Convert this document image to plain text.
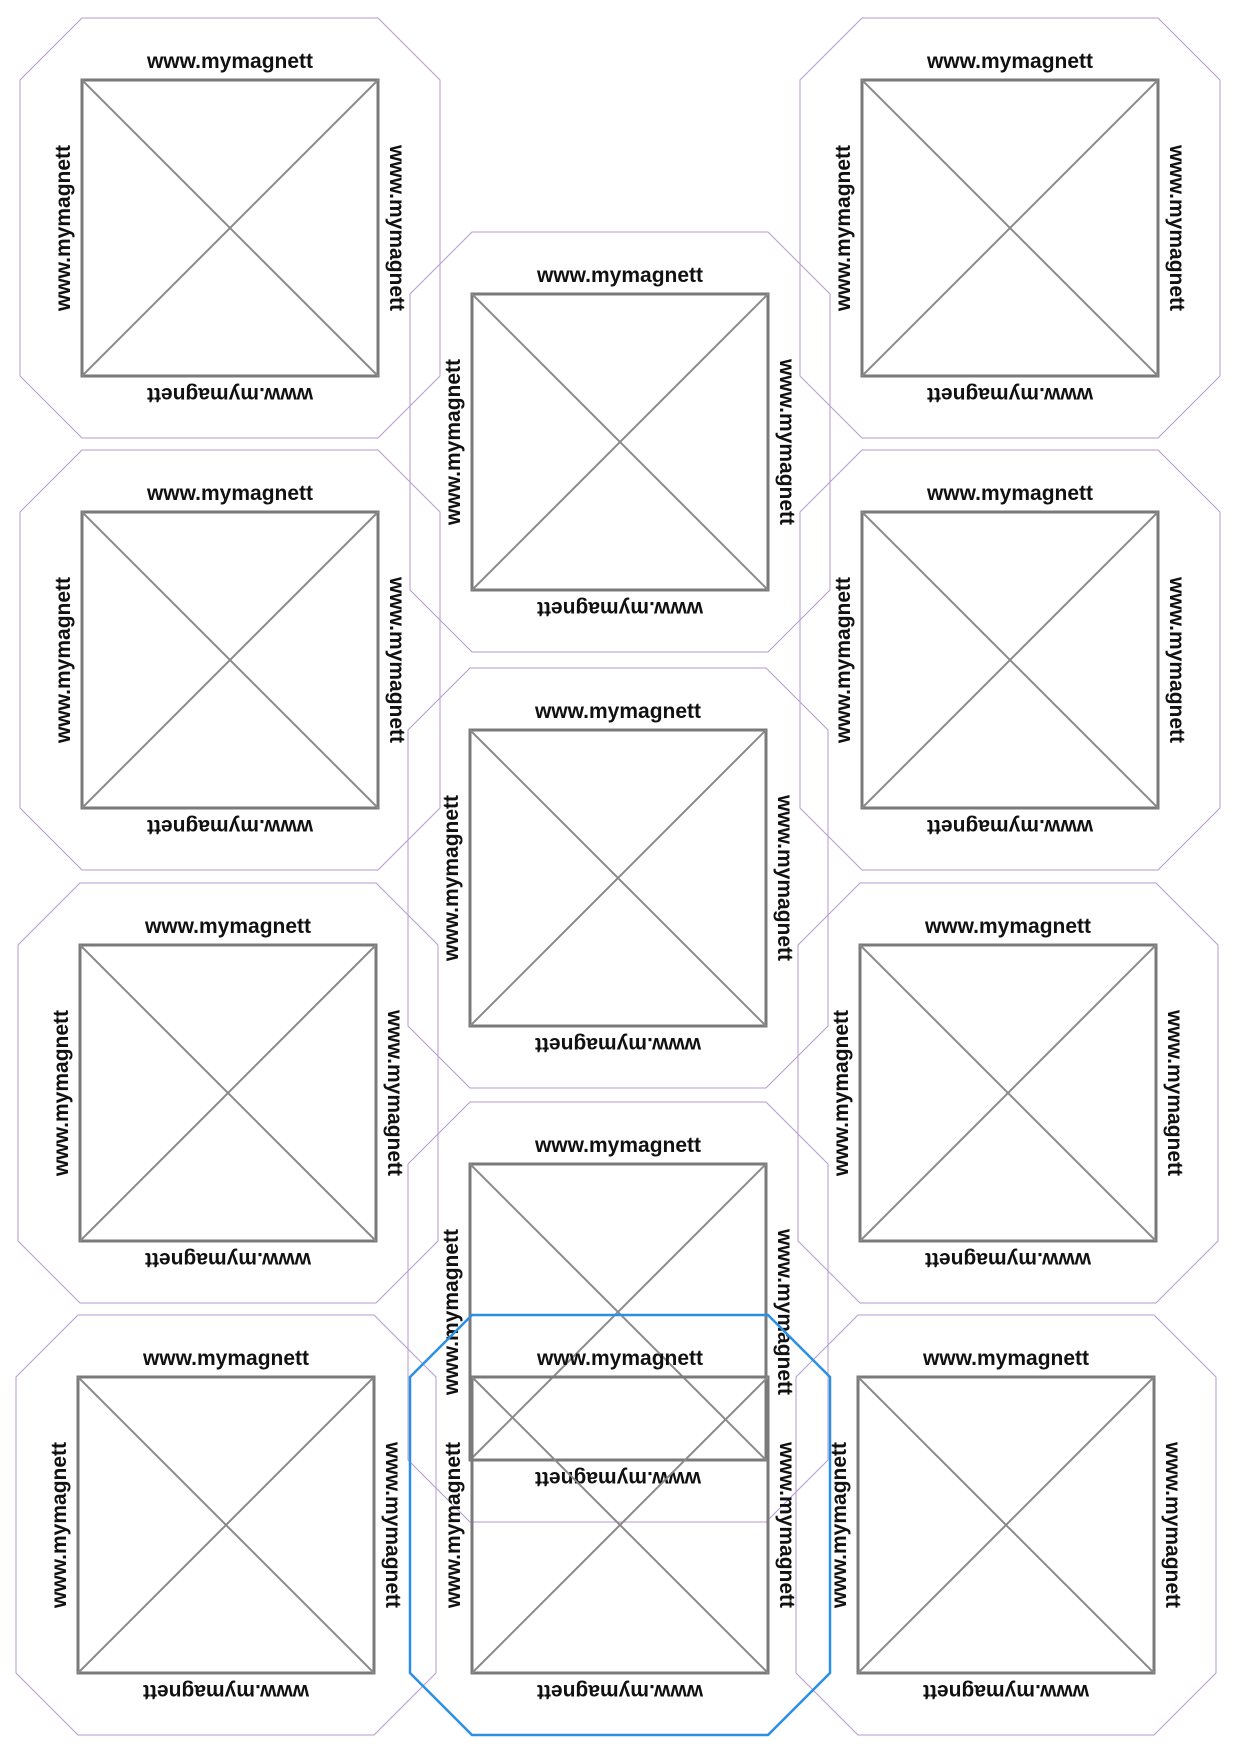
www.mymagnett
www.mymagnett
www.mymagnett	www.mymagnett
www.mymagnett
www.mymagnett
www.mymagnett	www.mymagnett
www.mymagnett
www.mymagnett
www.mymagnett	www.mymagnett
www.mymagnett
www.mymagnett
www.mymagnett	www.mymagnett
www.mymagnett
www.mymagnett
www.mymagnett	www.mymagnett
www.mymagnett
www.mymagnett
www.mymagnett	www.mymagnett
www.mymagnett
www.mymagnett
www.mymagnett	www.mymagnett
www.mymagnett
www.mymagnett
www.mymagnett	www.mymagnett
www.mymagnett
www.mymagnett
www.mymagnett	www.mymagnett
www.mymagnett
www.mymagnett
www.mymagnett	www.mymagnett
www.mymagnett
www.mymagnett
www.mymagnett	www.mymagnett
www.mymagnett
www.mymagnett
www.mymagnett	www.mymagnett
